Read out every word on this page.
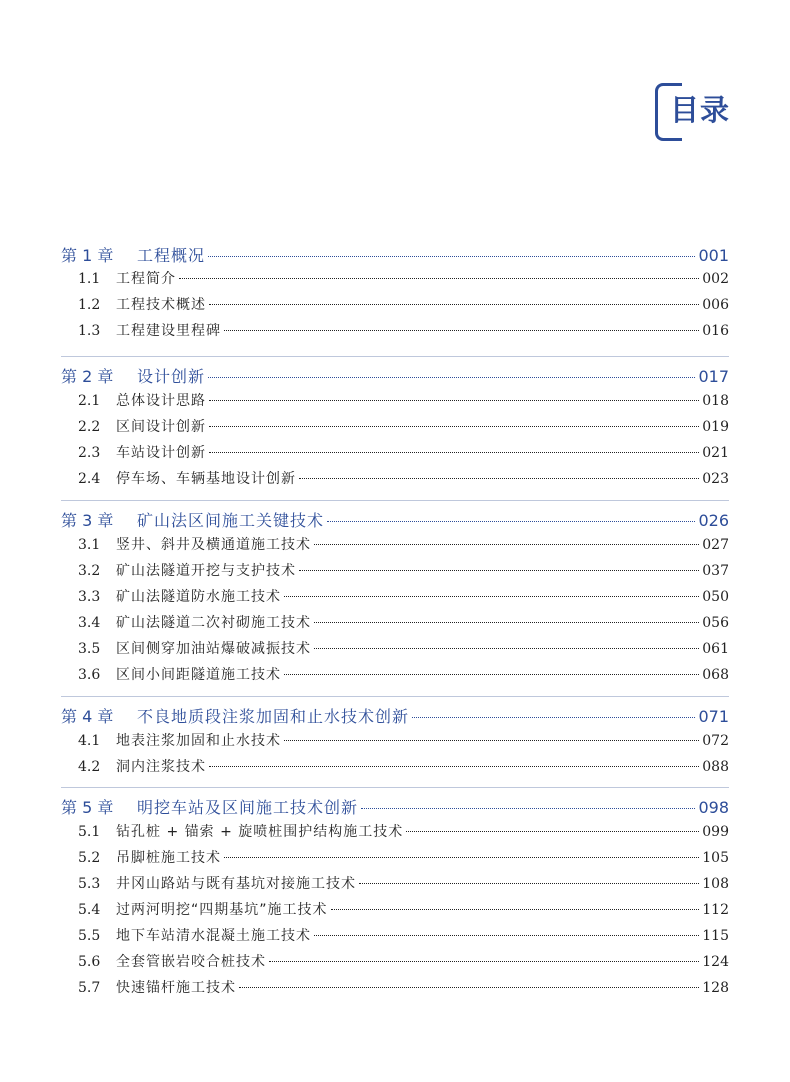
目录
第 1 章	工程概况	001
1.1	工程简介	002
1.2	工程技术概述	006
1.3	工程建设里程碑	016
第 2 章	设计创新	017
2.1	总体设计思路	018
2.2	区间设计创新	019
2.3	车站设计创新	021
2.4	停车场、车辆基地设计创新	023
第 3 章	矿山法区间施工关键技术	026
3.1	竖井、斜井及横通道施工技术	027
3.2	矿山法隧道开挖与支护技术	037
3.3	矿山法隧道防水施工技术	050
3.4	矿山法隧道二次衬砌施工技术	056
3.5	区间侧穿加油站爆破减振技术	061
3.6	区间小间距隧道施工技术	068
第 4 章	不良地质段注浆加固和止水技术创新	071
4.1	地表注浆加固和止水技术	072
4.2	洞内注浆技术	088
第 5 章	明挖车站及区间施工技术创新	098
5.1	钻孔桩 + 锚索 + 旋喷桩围护结构施工技术	099
5.2	吊脚桩施工技术	105
5.3	井冈山路站与既有基坑对接施工技术	108
5.4	过两河明挖“四期基坑”施工技术	112
5.5	地下车站清水混凝土施工技术	115
5.6	全套管嵌岩咬合桩技术	124
5.7	快速锚杆施工技术	128
